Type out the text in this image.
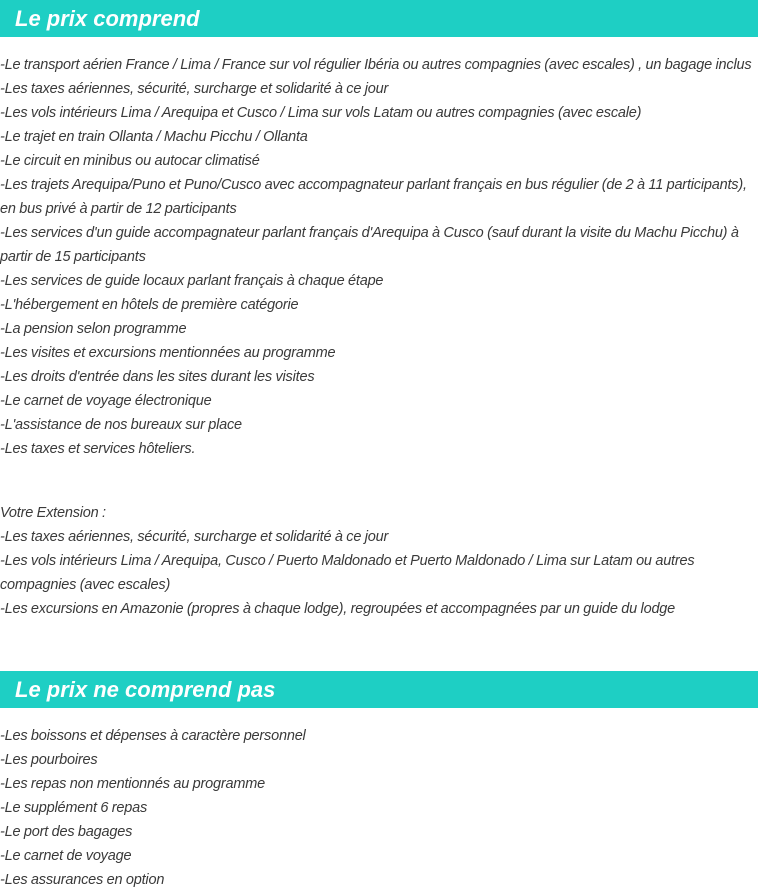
Le prix comprend
-Le transport aérien France / Lima / France sur vol régulier Ibéria ou autres compagnies (avec escales) , un bagage inclus
-Les taxes aériennes, sécurité, surcharge et solidarité à ce jour
-Les vols intérieurs Lima / Arequipa et Cusco / Lima sur vols Latam ou autres compagnies (avec escale)
-Le trajet en train Ollanta / Machu Picchu / Ollanta
-Le circuit en minibus ou autocar climatisé
-Les trajets Arequipa/Puno et Puno/Cusco avec accompagnateur parlant français en bus régulier (de 2 à 11 participants), en bus privé à partir de 12 participants
-Les services d'un guide accompagnateur parlant français d'Arequipa à Cusco (sauf durant la visite du Machu Picchu) à partir de 15 participants
-Les services de guide locaux parlant français à chaque étape
-L'hébergement en hôtels de première catégorie
-La pension selon programme
-Les visites et excursions mentionnées au programme
-Les droits d'entrée dans les sites durant les visites
-Le carnet de voyage électronique
-L'assistance de nos bureaux sur place
-Les taxes et services hôteliers.
Votre Extension :
-Les taxes aériennes, sécurité, surcharge et solidarité à ce jour
-Les vols intérieurs Lima / Arequipa, Cusco / Puerto Maldonado et Puerto Maldonado / Lima sur Latam ou autres compagnies (avec escales)
-Les excursions en Amazonie (propres à chaque lodge), regroupées et accompagnées par un guide du lodge
Le prix ne comprend pas
-Les boissons et dépenses à caractère personnel
-Les pourboires
-Les repas non mentionnés au programme
-Le supplément 6 repas
-Le port des bagages
-Le carnet de voyage
-Les assurances en option
